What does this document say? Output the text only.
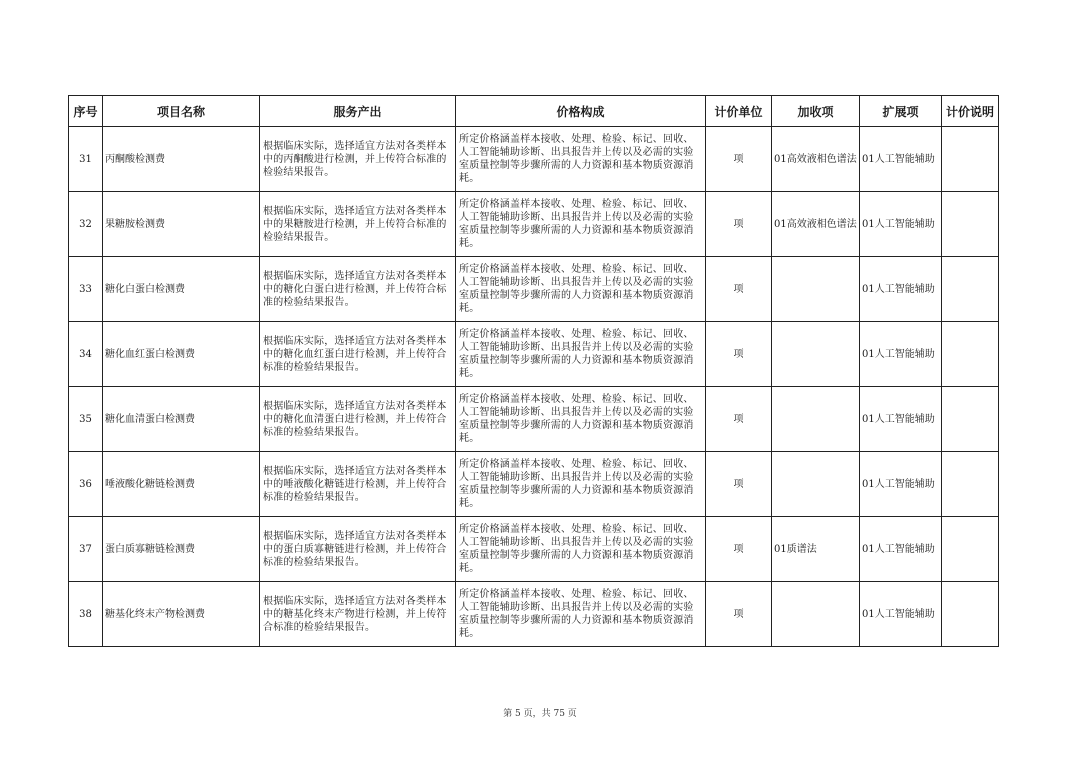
序号	项目名称	服务产出	价格构成	计价单位	加收项	扩展项	计价说明
31	丙酮酸检测费	根据临床实际，选择适宜方法对各类样本中的丙酮酸进行检测，并上传符合标准的检验结果报告。	所定价格涵盖样本接收、处理、检验、标记、回收、人工智能辅助诊断、出具报告并上传以及必需的实验室质量控制等步骤所需的人力资源和基本物质资源消耗。	项	01高效液相色谱法	01人工智能辅助	
32	果糖胺检测费	根据临床实际，选择适宜方法对各类样本中的果糖胺进行检测，并上传符合标准的检验结果报告。	所定价格涵盖样本接收、处理、检验、标记、回收、人工智能辅助诊断、出具报告并上传以及必需的实验室质量控制等步骤所需的人力资源和基本物质资源消耗。	项	01高效液相色谱法	01人工智能辅助	
33	糖化白蛋白检测费	根据临床实际，选择适宜方法对各类样本中的糖化白蛋白进行检测，并上传符合标准的检验结果报告。	所定价格涵盖样本接收、处理、检验、标记、回收、人工智能辅助诊断、出具报告并上传以及必需的实验室质量控制等步骤所需的人力资源和基本物质资源消耗。	项		01人工智能辅助	
34	糖化血红蛋白检测费	根据临床实际，选择适宜方法对各类样本中的糖化血红蛋白进行检测，并上传符合标准的检验结果报告。	所定价格涵盖样本接收、处理、检验、标记、回收、人工智能辅助诊断、出具报告并上传以及必需的实验室质量控制等步骤所需的人力资源和基本物质资源消耗。	项		01人工智能辅助	
35	糖化血清蛋白检测费	根据临床实际，选择适宜方法对各类样本中的糖化血清蛋白进行检测，并上传符合标准的检验结果报告。	所定价格涵盖样本接收、处理、检验、标记、回收、人工智能辅助诊断、出具报告并上传以及必需的实验室质量控制等步骤所需的人力资源和基本物质资源消耗。	项		01人工智能辅助	
36	唾液酸化糖链检测费	根据临床实际，选择适宜方法对各类样本中的唾液酸化糖链进行检测，并上传符合标准的检验结果报告。	所定价格涵盖样本接收、处理、检验、标记、回收、人工智能辅助诊断、出具报告并上传以及必需的实验室质量控制等步骤所需的人力资源和基本物质资源消耗。	项		01人工智能辅助	
37	蛋白质寡糖链检测费	根据临床实际，选择适宜方法对各类样本中的蛋白质寡糖链进行检测，并上传符合标准的检验结果报告。	所定价格涵盖样本接收、处理、检验、标记、回收、人工智能辅助诊断、出具报告并上传以及必需的实验室质量控制等步骤所需的人力资源和基本物质资源消耗。	项	01质谱法	01人工智能辅助	
38	糖基化终末产物检测费	根据临床实际，选择适宜方法对各类样本中的糖基化终末产物进行检测，并上传符合标准的检验结果报告。	所定价格涵盖样本接收、处理、检验、标记、回收、人工智能辅助诊断、出具报告并上传以及必需的实验室质量控制等步骤所需的人力资源和基本物质资源消耗。	项		01人工智能辅助	
第 5 页，共 75 页
